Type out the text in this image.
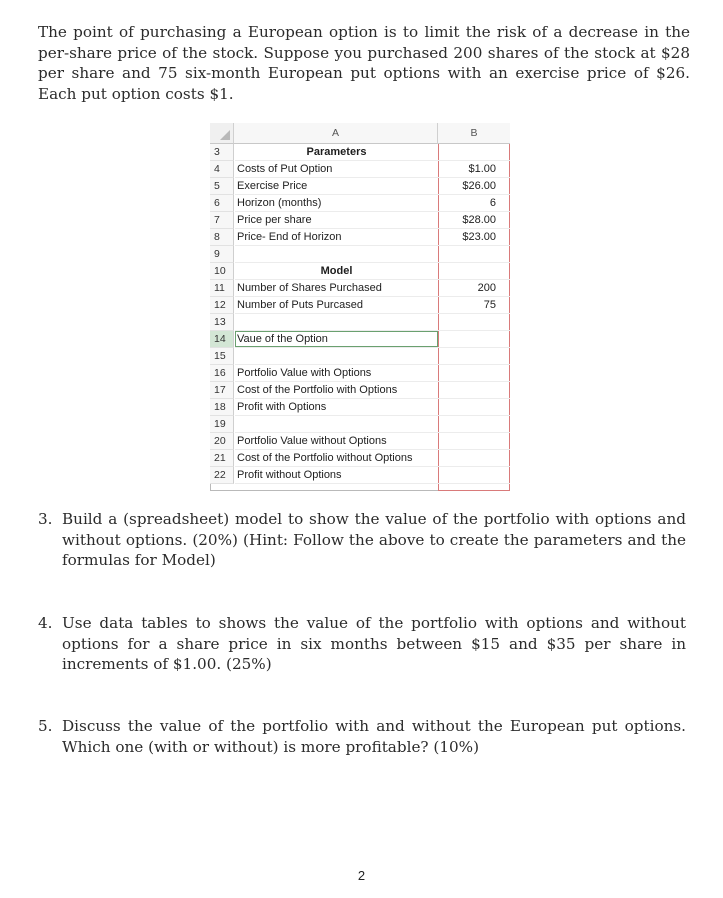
The point of purchasing a European option is to limit the risk of a decrease in the per-share price of the stock. Suppose you purchased 200 shares of the stock at $28 per share and 75 six-month European put options with an exercise price of $26. Each put option costs $1.

A	B
3	Parameters
4	Costs of Put Option	$1.00
5	Exercise Price	$26.00
6	Horizon (months)	6
7	Price per share	$28.00
8	Price- End of Horizon	$23.00
9
10	Model
11	Number of Shares Purchased	200
12	Number of Puts Purcased	75
13
14	Vaue of the Option
15
16	Portfolio Value with Options
17	Cost of the Portfolio with Options
18	Profit with Options
19
20	Portfolio Value without Options
21	Cost of the Portfolio without Options
22	Profit without Options
3. Build a (spreadsheet) model to show the value of the portfolio with options and without options. (20%) (Hint: Follow the above to create the parameters and the formulas for Model)
4. Use data tables to shows the value of the portfolio with options and without options for a share price in six months between $15 and $35 per share in increments of $1.00. (25%)
5. Discuss the value of the portfolio with and without the European put options. Which one (with or without) is more profitable? (10%)
2
